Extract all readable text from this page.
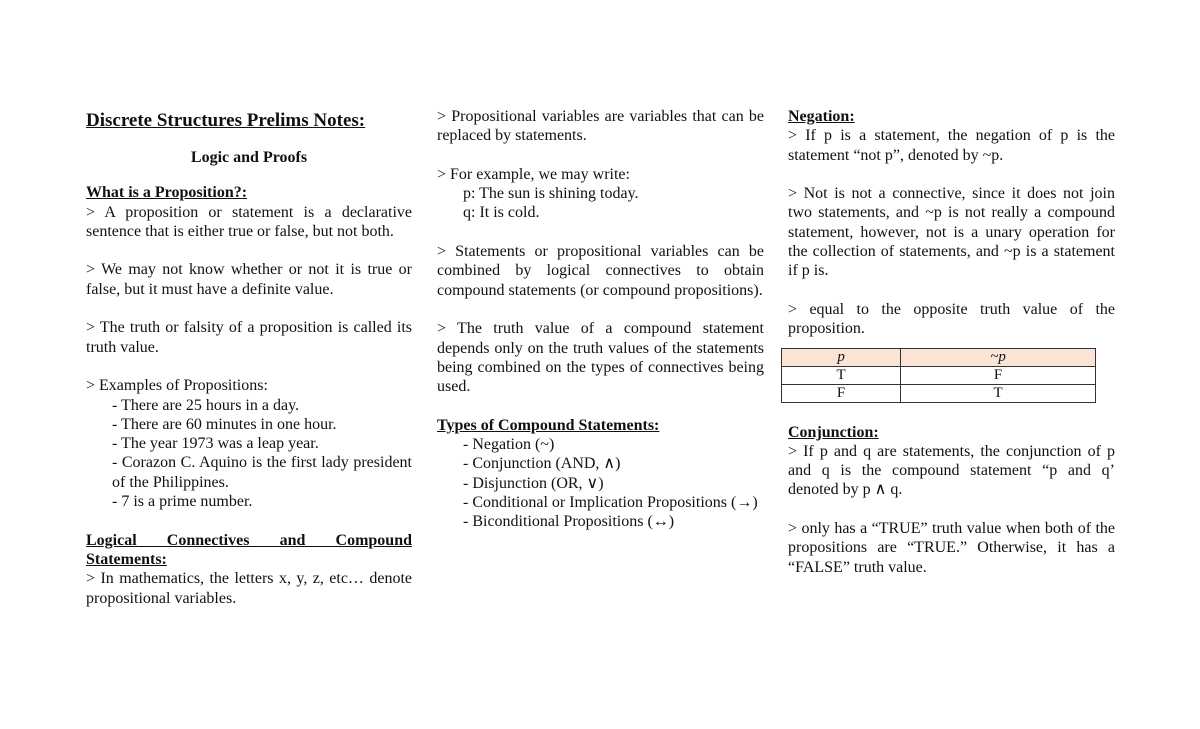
Discrete Structures Prelims Notes:
Logic and Proofs
What is a Proposition?:

> A proposition or statement is a declarative sentence that is either true or false, but not both.

> We may not know whether or not it is true or false, but it must have a definite value.

> The truth or falsity of a proposition is called its truth value.

> Examples of Propositions:

- There are 25 hours in a day.

- There are 60 minutes in one hour.

- The year 1973 was a leap year.

- Corazon C. Aquino is the first lady president of the Philippines.

- 7 is a prime number.

Logical Connectives and Compound Statements:

> In mathematics, the letters x, y, z, etc… denote propositional variables.

> Propositional variables are variables that can be replaced by statements.

> For example, we may write:

p: The sun is shining today.

q: It is cold.

> Statements or propositional variables can be combined by logical connectives to obtain compound statements (or compound propositions).

> The truth value of a compound statement depends only on the truth values of the statements being combined on the types of connectives being used.

Types of Compound Statements:

- Negation (~)

- Conjunction (AND, ∧)

- Disjunction (OR, ∨)

- Conditional or Implication Propositions (→)

- Biconditional Propositions (↔)

Negation:

> If p is a statement, the negation of p is the statement “not p”, denoted by ~p.

> Not is not a connective, since it does not join two statements, and ~p is not really a compound statement, however, not is a unary operation for the collection of statements, and ~p is a statement if p is.

> equal to the opposite truth value of the proposition.

p	~p
T	F
F	T
Conjunction:

> If p and q are statements, the conjunction of p and q is the compound statement “p and q’ denoted by p ∧ q.

> only has a “TRUE” truth value when both of the propositions are “TRUE.” Otherwise, it has a “FALSE” truth value.
